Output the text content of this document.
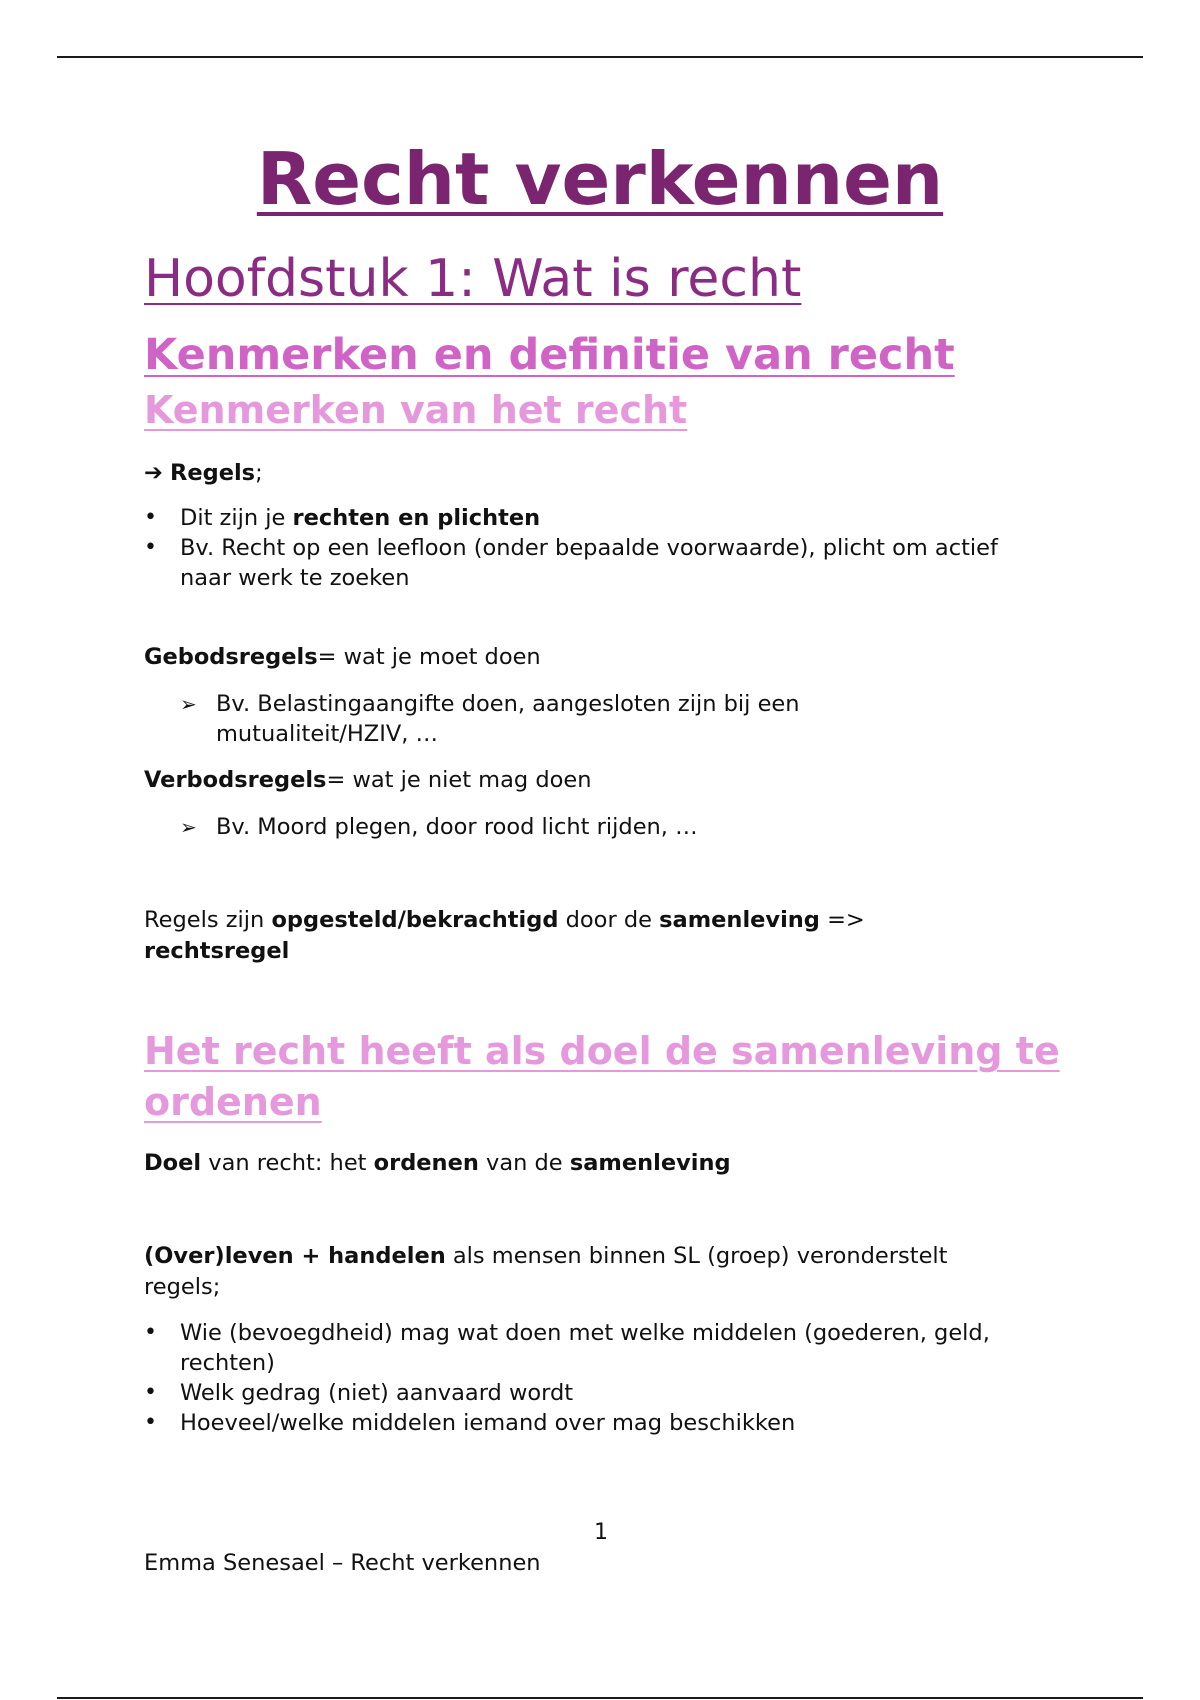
Recht verkennen
Hoofdstuk 1: Wat is recht
Kenmerken en definitie van recht
Kenmerken van het recht

➔ Regels;

•	Dit zijn je rechten en plichten
•	Bv. Recht op een leefloon (onder bepaalde voorwaarde), plicht om actief naar werk te zoeken

Gebodsregels= wat je moet doen

➢ Bv. Belastingaangifte doen, aangesloten zijn bij een mutualiteit/HZIV, …

Verbodsregels= wat je niet mag doen

➢ Bv. Moord plegen, door rood licht rijden, …

Regels zijn opgesteld/bekrachtigd door de samenleving =>
rechtsregel

Het recht heeft als doel de samenleving te ordenen

Doel van recht: het ordenen van de samenleving

(Over)leven + handelen als mensen binnen SL (groep) veronderstelt regels;

•	Wie (bevoegdheid) mag wat doen met welke middelen (goederen, geld, rechten)
•	Welk gedrag (niet) aanvaard wordt
•	Hoeveel/welke middelen iemand over mag beschikken
1
Emma Senesael – Recht verkennen
